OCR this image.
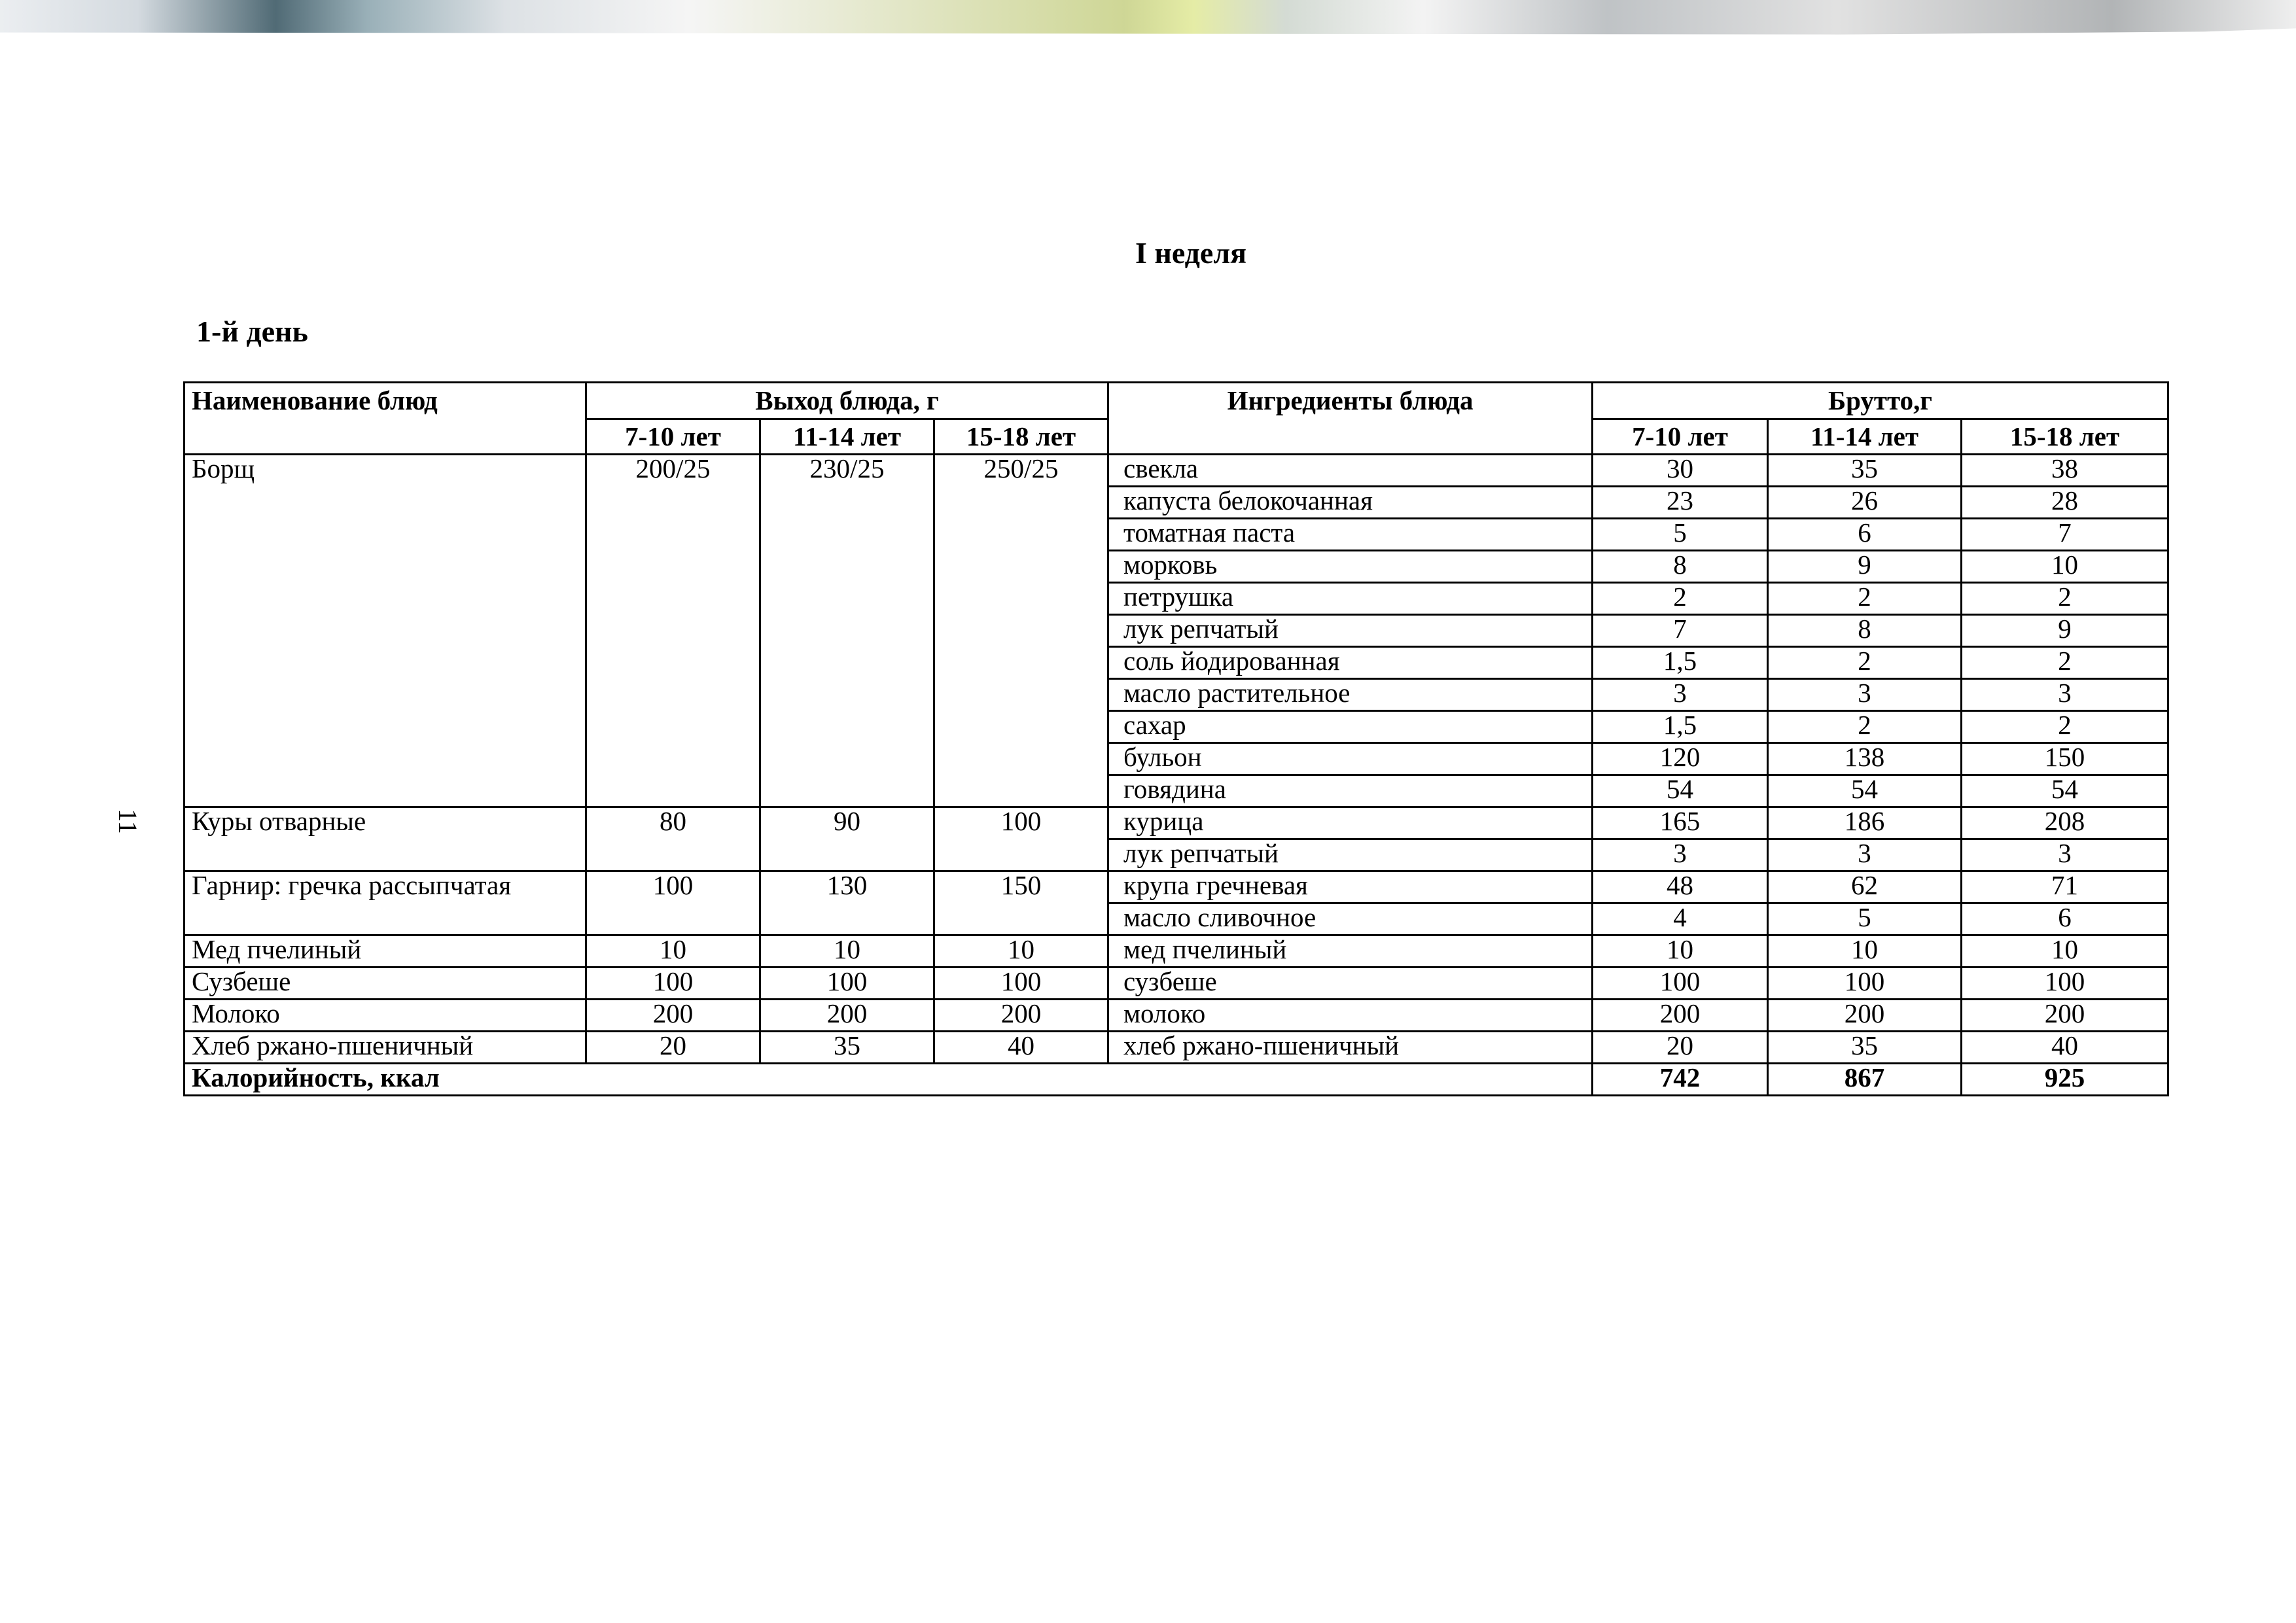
11
I неделя
1-й день
Наименование блюд	Выход блюда, г			Ингредиенты блюда	Брутто,г		
	7-10 лет	11-14 лет	15-18 лет		7-10 лет	11-14 лет	15-18 лет
Борщ	200/25	230/25	250/25	свекла	30	35	38
				капуста белокочанная	23	26	28
				томатная паста	5	6	7
				морковь	8	9	10
				петрушка	2	2	2
				лук репчатый	7	8	9
				соль йодированная	1,5	2	2
				масло растительное	3	3	3
				сахар	1,5	2	2
				бульон	120	138	150
				говядина	54	54	54
Куры отварные	80	90	100	курица	165	186	208
				лук репчатый	3	3	3
Гарнир: гречка рассыпчатая	100	130	150	крупа гречневая	48	62	71
				масло сливочное	4	5	6
Мед пчелиный	10	10	10	мед пчелиный	10	10	10
Сузбеше	100	100	100	сузбеше	100	100	100
Молоко	200	200	200	молоко	200	200	200
Хлеб ржано-пшеничный	20	35	40	хлеб ржано-пшеничный	20	35	40
Калорийность, ккал					742	867	925
